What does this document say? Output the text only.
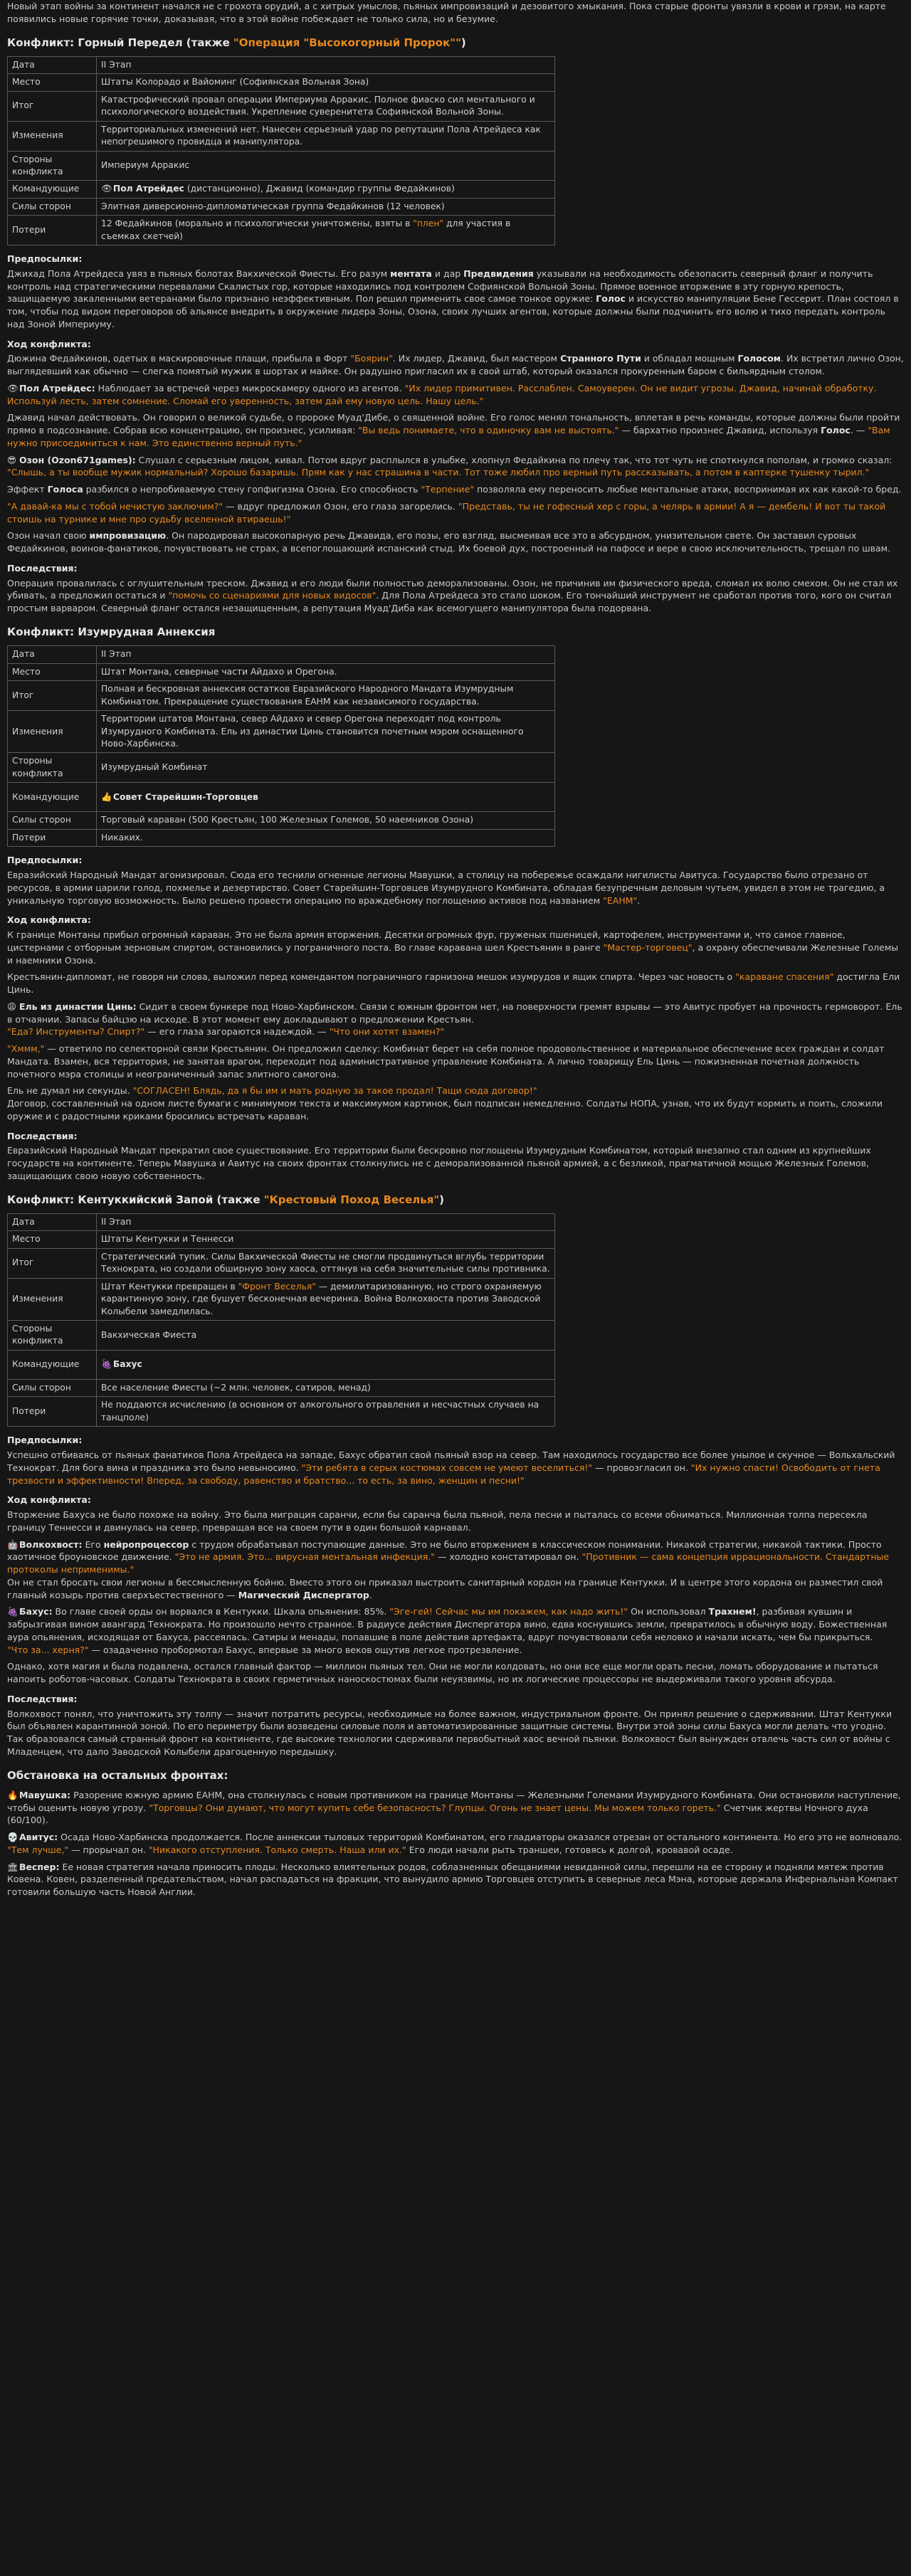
Новый этап войны за континент начался не с грохота орудий, а с хитрых умыслов, пьяных импровизаций и дезовитого хмыкания. Пока старые фронты увязли в крови и грязи, на карте появились новые горячие точки, доказывая, что в этой войне побеждает не только сила, но и безумие.

Конфликт: Горный Передел (также "Операция "Высокогорный Пророк"")
Дата	II Этап
Место	Штаты Колорадо и Вайоминг (Софиянская Вольная Зона)
Итог	Катастрофический провал операции Империума Арракис. Полное фиаско сил ментального и психологического воздействия. Укрепление суверенитета Софиянской Вольной Зоны.
Изменения	Территориальных изменений нет. Нанесен серьезный удар по репутации Пола Атрейдеса как непогрешимого провидца и манипулятора.
Стороны конфликта	Империум Арракис
Командующие	👁 Пол Атрейдес (дистанционно), Джавид (командир группы Федайкинов)
Силы сторон	Элитная диверсионно-дипломатическая группа Федайкинов (12 человек)
Потери	12 Федайкинов (морально и психологически уничтожены, взяты в "плен" для участия в съемках скетчей)
Предпосылки:

Джихад Пола Атрейдеса увяз в пьяных болотах Вакхической Фиесты. Его разум ментата и дар Предвидения указывали на необходимость обезопасить северный фланг и получить контроль над стратегическими перевалами Скалистых гор, которые находились под контролем Софиянской Вольной Зоны. Прямое военное вторжение в эту горную крепость, защищаемую закаленными ветеранами было признано неэффективным. Пол решил применить свое самое тонкое оружие: Голос и искусство манипуляции Бене Гессерит. План состоял в том, чтобы под видом переговоров об альянсе внедрить в окружение лидера Зоны, Озона, своих лучших агентов, которые должны были подчинить его волю и тихо передать контроль над Зоной Империуму.

Ход конфликта:

Дюжина Федайкинов, одетых в маскировочные плащи, прибыла в Форт "Боярин". Их лидер, Джавид, был мастером Странного Пути и обладал мощным Голосом. Их встретил лично Озон, выглядевший как обычно — слегка помятый мужик в шортах и майке. Он радушно пригласил их в свой штаб, который оказался прокуренным баром с бильярдным столом.

👁 Пол Атрейдес: Наблюдает за встречей через микроскамеру одного из агентов. "Их лидер примитивен. Расслаблен. Самоуверен. Он не видит угрозы. Джавид, начинай обработку. Используй лесть, затем сомнение. Сломай его уверенность, затем дай ему новую цель. Нашу цель."

Джавид начал действовать. Он говорил о великой судьбе, о пророке Муад'Дибе, о священной войне. Его голос менял тональность, вплетая в речь команды, которые должны были пройти прямо в подсознание. Собрав всю концентрацию, он произнес, усиливая: "Вы ведь понимаете, что в одиночку вам не выстоять." — бархатно произнес Джавид, используя Голос. — "Вам нужно присоединиться к нам. Это единственно верный путь."

😎 Озон (Ozon671games): Слушал с серьезным лицом, кивал. Потом вдруг расплылся в улыбке, хлопнул Федайкина по плечу так, что тот чуть не споткнулся пополам, и громко сказал: "Слышь, а ты вообще мужик нормальный? Хорошо базаришь. Прям как у нас страшина в части. Тот тоже любил про верный путь рассказывать, а потом в каптерке тушенку тырил."

Эффект Голоса разбился о непробиваемую стену гопфигизма Озона. Его способность "Терпение" позволяла ему переносить любые ментальные атаки, воспринимая их как какой-то бред.

"А давай-ка мы с тобой нечистую заключим?" — вдруг предложил Озон, его глаза загорелись. "Представь, ты не гофесный хер с горы, а челярь в армии! А я — дембель! И вот ты такой стоишь на турнике и мне про судьбу вселенной втираешь!"

Озон начал свою импровизацию. Он пародировал высокопарную речь Джавида, его позы, его взгляд, высмеивая все это в абсурдном, унизительном свете. Он заставил суровых Федайкинов, воинов-фанатиков, почувствовать не страх, а всепоглощающий испанский стыд. Их боевой дух, построенный на пафосе и вере в свою исключительность, трещал по швам.

Последствия:

Операция провалилась с оглушительным треском. Джавид и его люди были полностью деморализованы. Озон, не причинив им физического вреда, сломал их волю смехом. Он не стал их убивать, а предложил остаться и "помочь со сценариями для новых видосов". Для Пола Атрейдеса это стало шоком. Его тончайший инструмент не сработал против того, кого он считал простым варваром. Северный фланг остался незащищенным, а репутация Муад'Диба как всемогущего манипулятора была подорвана.

Конфликт: Изумрудная Аннексия
Дата	II Этап
Место	Штат Монтана, северные части Айдахо и Орегона.
Итог	Полная и бескровная аннексия остатков Евразийского Народного Мандата Изумрудным Комбинатом. Прекращение существования ЕАНМ как независимого государства.
Изменения	Территории штатов Монтана, север Айдахо и север Орегона переходят под контроль Изумрудного Комбината. Ель из династии Цинь становится почетным мэром оснащенного Ново-Харбинска.
Стороны конфликта	Изумрудный Комбинат
Командующие	👍 Совет Старейшин-Торговцев
Силы сторон	Торговый караван (500 Крестьян, 100 Железных Големов, 50 наемников Озона)
Потери	Никаких.
Предпосылки:

Евразийский Народный Мандат агонизировал. Сюда его теснили огненные легионы Мавушки, а столицу на побережье осаждали нигилисты Авитуса. Государство было отрезано от ресурсов, в армии царили голод, похмелье и дезертирство. Совет Старейшин-Торговцев Изумрудного Комбината, обладая безупречным деловым чутьем, увидел в этом не трагедию, а уникальную торговую возможность. Было решено провести операцию по враждебному поглощению активов под названием "EAHM".

Ход конфликта:

К границе Монтаны прибыл огромный караван. Это не была армия вторжения. Десятки огромных фур, груженых пшеницей, картофелем, инструментами и, что самое главное, цистернами с отборным зерновым спиртом, остановились у пограничного поста. Во главе каравана шел Крестьянин в ранге "Мастер-торговец", а охрану обеспечивали Железные Големы и наемники Озона.

Крестьянин-дипломат, не говоря ни слова, выложил перед комендантом пограничного гарнизона мешок изумрудов и ящик спирта. Через час новость о "караване спасения" достигла Ели Цинь.

😩 Ель из династии Цинь: Сидит в своем бункере под Ново-Харбинском. Связи с южным фронтом нет, на поверхности гремят взрывы — это Авитус пробует на прочность гермоворот. Ель в отчаянии. Запасы байцзю на исходе. В этот момент ему докладывают о предложении Крестьян.
"Еда? Инструменты? Спирт?" — его глаза загораются надеждой. — "Что они хотят взамен?"

"Хммм," — ответило по селекторной связи Крестьянин. Он предложил сделку: Комбинат берет на себя полное продовольственное и материальное обеспечение всех граждан и солдат Мандата. Взамен, вся территория, не занятая врагом, переходит под административное управление Комбината. А лично товарищу Ель Цинь — пожизненная почетная должность почетного мэра столицы и неограниченный запас элитного самогона.

Ель не думал ни секунды. "СОГЛАСЕН! Блядь, да я бы им и мать родную за такое продал! Тащи сюда договор!"
Договор, составленный на одном листе бумаги с минимумом текста и максимумом картинок, был подписан немедленно. Солдаты НОПА, узнав, что их будут кормить и поить, сложили оружие и с радостными криками бросились встречать караван.

Последствия:

Евразийский Народный Мандат прекратил свое существование. Его территории были бескровно поглощены Изумрудным Комбинатом, который внезапно стал одним из крупнейших государств на континенте. Теперь Мавушка и Авитус на своих фронтах столкнулись не с деморализованной пьяной армией, а с безликой, прагматичной мощью Железных Големов, защищающих свою новую собственность.

Конфликт: Кентуккийский Запой (также "Крестовый Поход Веселья")
Дата	II Этап
Место	Штаты Кентукки и Теннесси
Итог	Стратегический тупик. Силы Вакхической Фиесты не смогли продвинуться вглубь территории Технократа, но создали обширную зону хаоса, оттянув на себя значительные силы противника.
Изменения	Штат Кентукки превращен в "Фронт Веселья" — демилитаризованную, но строго охраняемую карантинную зону, где бушует бесконечная вечеринка. Война Волкохвоста против Заводской Колыбели замедлилась.
Стороны конфликта	Вакхическая Фиеста
Командующие	🍇 Бахус
Силы сторон	Все население Фиесты (~2 млн. человек, сатиров, менад)
Потери	Не поддаются исчислению (в основном от алкогольного отравления и несчастных случаев на танцполе)
Предпосылки:

Успешно отбиваясь от пьяных фанатиков Пола Атрейдеса на западе, Бахус обратил свой пьяный взор на север. Там находилось государство все более унылое и скучное — Вольхальский Технократ. Для бога вина и праздника это было невыносимо. "Эти ребята в серых костюмах совсем не умеют веселиться!" — провозгласил он. "Их нужно спасти! Освободить от гнета трезвости и эффективности! Вперед, за свободу, равенство и братство... то есть, за вино, женщин и песни!"

Ход конфликта:

Вторжение Бахуса не было похоже на войну. Это была миграция саранчи, если бы саранча была пьяной, пела песни и пыталась со всеми обниматься. Миллионная толпа пересекла границу Теннесси и двинулась на север, превращая все на своем пути в один большой карнавал.

🤖 Волкохвост: Его нейропроцессор с трудом обрабатывал поступающие данные. Это не было вторжением в классическом понимании. Никакой стратегии, никакой тактики. Просто хаотичное броуновское движение. "Это не армия. Это... вирусная ментальная инфекция." — холодно констатировал он. "Противник — сама концепция иррациональности. Стандартные протоколы неприменимы."
Он не стал бросать свои легионы в бессмысленную бойню. Вместо этого он приказал выстроить санитарный кордон на границе Кентукки. И в центре этого кордона он разместил свой главный козырь против сверхъестественного — Магический Диспергатор.

🍇 Бахус: Во главе своей орды он ворвался в Кентукки. Шкала опьянения: 85%. "Эге-гей! Сейчас мы им покажем, как надо жить!" Он использовал Трахнем!, разбивая кувшин и забрызгивая вином авангард Технократа. Но произошло нечто странное. В радиусе действия Диспергатора вино, едва коснувшись земли, превратилось в обычную воду. Божественная аура опьянения, исходящая от Бахуса, рассеялась. Сатиры и менады, попавшие в поле действия артефакта, вдруг почувствовали себя неловко и начали искать, чем бы прикрыться.
"Что за... херня?" — озадаченно пробормотал Бахус, впервые за много веков ощутив легкое протрезвление.

Однако, хотя магия и была подавлена, остался главный фактор — миллион пьяных тел. Они не могли колдовать, но они все еще могли орать песни, ломать оборудование и пытаться напоить роботов-часовых. Солдаты Технократа в своих герметичных наноскостюмах были неуязвимы, но их логические процессоры не выдерживали такого уровня абсурда.

Последствия:

Волкохвост понял, что уничтожить эту толпу — значит потратить ресурсы, необходимые на более важном, индустриальном фронте. Он принял решение о сдерживании. Штат Кентукки был объявлен карантинной зоной. По его периметру были возведены силовые поля и автоматизированные защитные системы. Внутри этой зоны силы Бахуса могли делать что угодно. Так образовался самый странный фронт на континенте, где высокие технологии сдерживали первобытный хаос вечной пьянки. Волкохвост был вынужден отвлечь часть сил от войны с Младенцем, что дало Заводской Колыбели драгоценную передышку.

Обстановка на остальных фронтах:

🔥 Мавушка: Разорение южную армию ЕАНМ, она столкнулась с новым противником на границе Монтаны — Железными Големами Изумрудного Комбината. Они остановили наступление, чтобы оценить новую угрозу. "Торговцы? Они думают, что могут купить себе безопасность? Глупцы. Огонь не знает цены. Мы можем только гореть." Счетчик жертвы Ночного духа (60/100).

💀 Авитус: Осада Ново-Харбинска продолжается. После аннексии тыловых территорий Комбинатом, его гладиаторы оказался отрезан от остального континента. Но его это не волновало. "Тем лучше," — прорычал он. "Никакого отступления. Только смерть. Наша или их." Его люди начали рыть траншеи, готовясь к долгой, кровавой осаде.

🏛 Веспер: Ее новая стратегия начала приносить плоды. Несколько влиятельных родов, соблазненных обещаниями невиданной силы, перешли на ее сторону и подняли мятеж против Ковена. Ковен, разделенный предательством, начал распадаться на фракции, что вынудило армию Торговцев отступить в северные леса Мэна, которые держала Инфернальная Компакт готовили большую часть Новой Англии.
